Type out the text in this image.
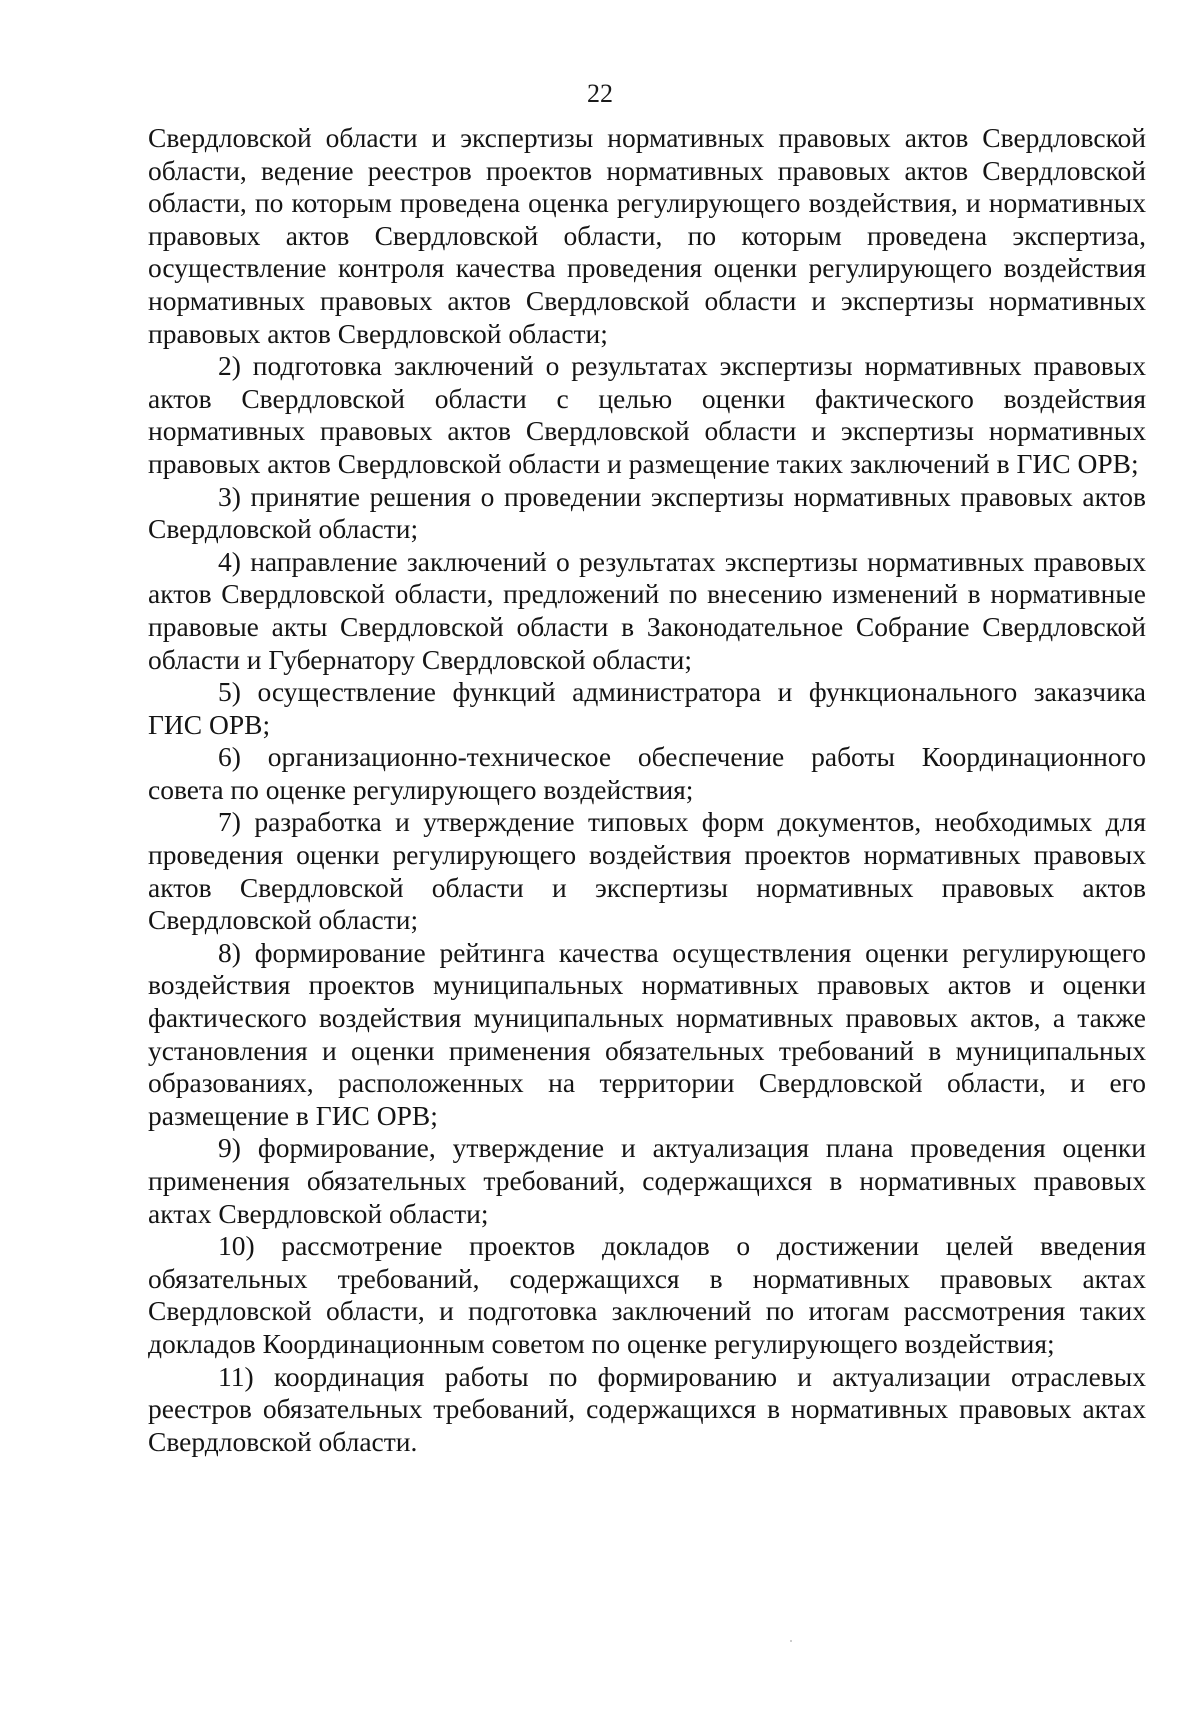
22

Свердловской области и экспертизы нормативных правовых актов Свердловской области, ведение реестров проектов нормативных правовых актов Свердловской области, по которым проведена оценка регулирующего воздействия, и нормативных правовых актов Свердловской области, по которым проведена экспертиза, осуществление контроля качества проведения оценки регулирующего воздействия нормативных правовых актов Свердловской области и экспертизы нормативных правовых актов Свердловской области;

2) подготовка заключений о результатах экспертизы нормативных правовых актов Свердловской области с целью оценки фактического воздействия нормативных правовых актов Свердловской области и экспертизы нормативных правовых актов Свердловской области и размещение таких заключений в ГИС ОРВ;

3) принятие решения о проведении экспертизы нормативных правовых актов Свердловской области;

4) направление заключений о результатах экспертизы нормативных правовых актов Свердловской области, предложений по внесению изменений в нормативные правовые акты Свердловской области в Законодательное Собрание Свердловской области и Губернатору Свердловской области;

5) осуществление функций администратора и функционального заказчика ГИС ОРВ;

6) организационно-техническое обеспечение работы Координационного совета по оценке регулирующего воздействия;

7) разработка и утверждение типовых форм документов, необходимых для проведения оценки регулирующего воздействия проектов нормативных правовых актов Свердловской области и экспертизы нормативных правовых актов Свердловской области;

8) формирование рейтинга качества осуществления оценки регулирующего воздействия проектов муниципальных нормативных правовых актов и оценки фактического воздействия муниципальных нормативных правовых актов, а также установления и оценки применения обязательных требований в муниципальных образованиях, расположенных на территории Свердловской области, и его размещение в ГИС ОРВ;

9) формирование, утверждение и актуализация плана проведения оценки применения обязательных требований, содержащихся в нормативных правовых актах Свердловской области;

10) рассмотрение проектов докладов о достижении целей введения обязательных требований, содержащихся в нормативных правовых актах Свердловской области, и подготовка заключений по итогам рассмотрения таких докладов Координационным советом по оценке регулирующего воздействия;

11) координация работы по формированию и актуализации отраслевых реестров обязательных требований, содержащихся в нормативных правовых актах Свердловской области.
